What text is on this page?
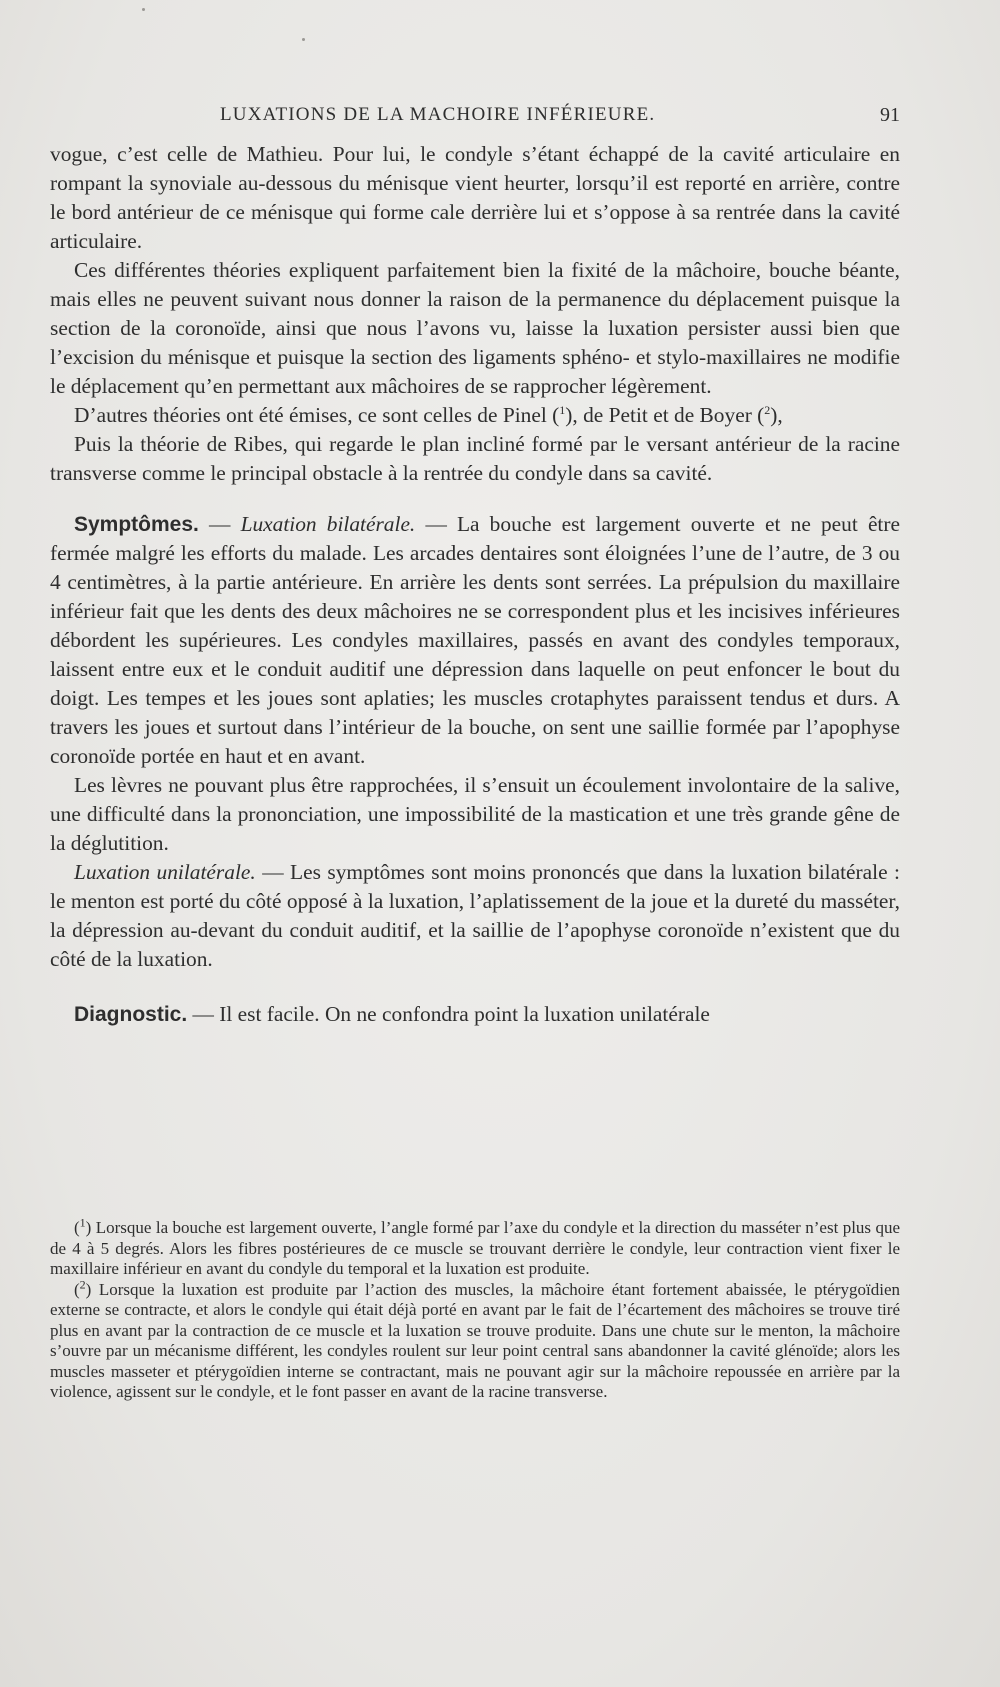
LUXATIONS DE LA MACHOIRE INFÉRIEURE.	91

vogue, c’est celle de Mathieu. Pour lui, le condyle s’étant échappé de la cavité articulaire en rompant la synoviale au-dessous du ménisque vient heurter, lorsqu’il est reporté en arrière, contre le bord antérieur de ce ménisque qui forme cale derrière lui et s’oppose à sa rentrée dans la cavité articulaire.

Ces différentes théories expliquent parfaitement bien la fixité de la mâchoire, bouche béante, mais elles ne peuvent suivant nous donner la raison de la permanence du déplacement puisque la section de la coronoïde, ainsi que nous l’avons vu, laisse la luxation persister aussi bien que l’excision du ménisque et puisque la section des ligaments sphéno- et stylo-maxillaires ne modifie le déplacement qu’en permettant aux mâchoires de se rapprocher légèrement.

D’autres théories ont été émises, ce sont celles de Pinel ($^1$), de Petit et de Boyer ($^2$),

Puis la théorie de Ribes, qui regarde le plan incliné formé par le versant antérieur de la racine transverse comme le principal obstacle à la rentrée du condyle dans sa cavité.

Symptômes. — Luxation bilatérale. — La bouche est largement ouverte et ne peut être fermée malgré les efforts du malade. Les arcades dentaires sont éloignées l’une de l’autre, de 3 ou 4 centimètres, à la partie antérieure. En arrière les dents sont serrées. La prépulsion du maxillaire inférieur fait que les dents des deux mâchoires ne se correspondent plus et les incisives inférieures débordent les supérieures. Les condyles maxillaires, passés en avant des condyles temporaux, laissent entre eux et le conduit auditif une dépression dans laquelle on peut enfoncer le bout du doigt. Les tempes et les joues sont aplaties; les muscles crotaphytes paraissent tendus et durs. A travers les joues et surtout dans l’intérieur de la bouche, on sent une saillie formée par l’apophyse coronoïde portée en haut et en avant.

Les lèvres ne pouvant plus être rapprochées, il s’ensuit un écoulement involontaire de la salive, une difficulté dans la prononciation, une impossibilité de la mastication et une très grande gêne de la déglutition.

Luxation unilatérale. — Les symptômes sont moins prononcés que dans la luxation bilatérale : le menton est porté du côté opposé à la luxation, l’aplatissement de la joue et la dureté du masséter, la dépression au-devant du conduit auditif, et la saillie de l’apophyse coronoïde n’existent que du côté de la luxation.

Diagnostic. — Il est facile. On ne confondra point la luxation unilatérale

($^1$) Lorsque la bouche est largement ouverte, l’angle formé par l’axe du condyle et la direction du masséter n’est plus que de 4 à 5 degrés. Alors les fibres postérieures de ce muscle se trouvant derrière le condyle, leur contraction vient fixer le maxillaire inférieur en avant du condyle du temporal et la luxation est produite.

($^2$) Lorsque la luxation est produite par l’action des muscles, la mâchoire étant fortement abaissée, le ptérygoïdien externe se contracte, et alors le condyle qui était déjà porté en avant par le fait de l’écartement des mâchoires se trouve tiré plus en avant par la contraction de ce muscle et la luxation se trouve produite. Dans une chute sur le menton, la mâchoire s’ouvre par un mécanisme différent, les condyles roulent sur leur point central sans abandonner la cavité glénoïde; alors les muscles masseter et ptérygoïdien interne se contractant, mais ne pouvant agir sur la mâchoire repoussée en arrière par la violence, agissent sur le condyle, et le font passer en avant de la racine transverse.
